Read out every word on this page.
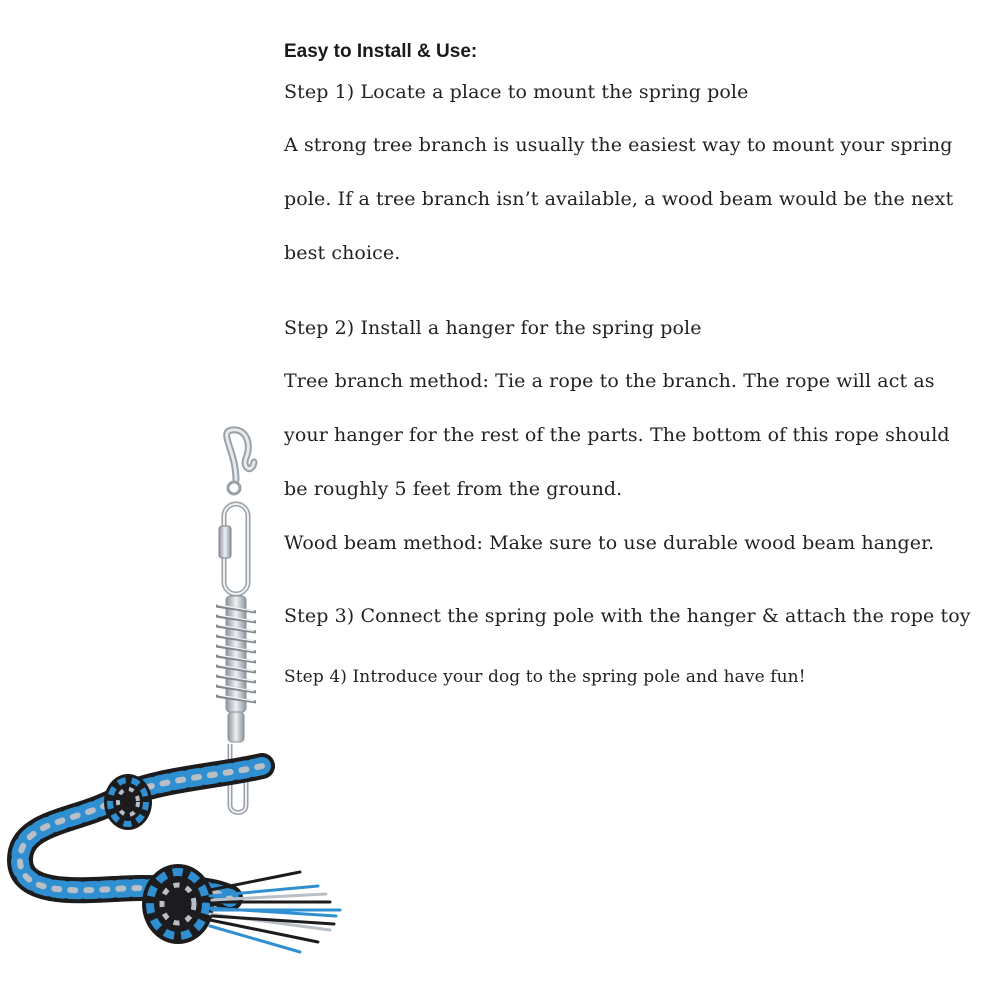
Easy to Install & Use:
Step 1) Locate a place to mount the spring pole
A strong tree branch is usually the easiest way to mount your spring
pole. If a tree branch isn’t available, a wood beam would be the next
best choice.
Step 2) Install a hanger for the spring pole
Tree branch method: Tie a rope to the branch. The rope will act as
your hanger for the rest of the parts. The bottom of this rope should
be roughly 5 feet from the ground.
Wood beam method: Make sure to use durable wood beam hanger.
Step 3) Connect the spring pole with the hanger & attach the rope toy
Step 4) Introduce your dog to the spring pole and have fun!
